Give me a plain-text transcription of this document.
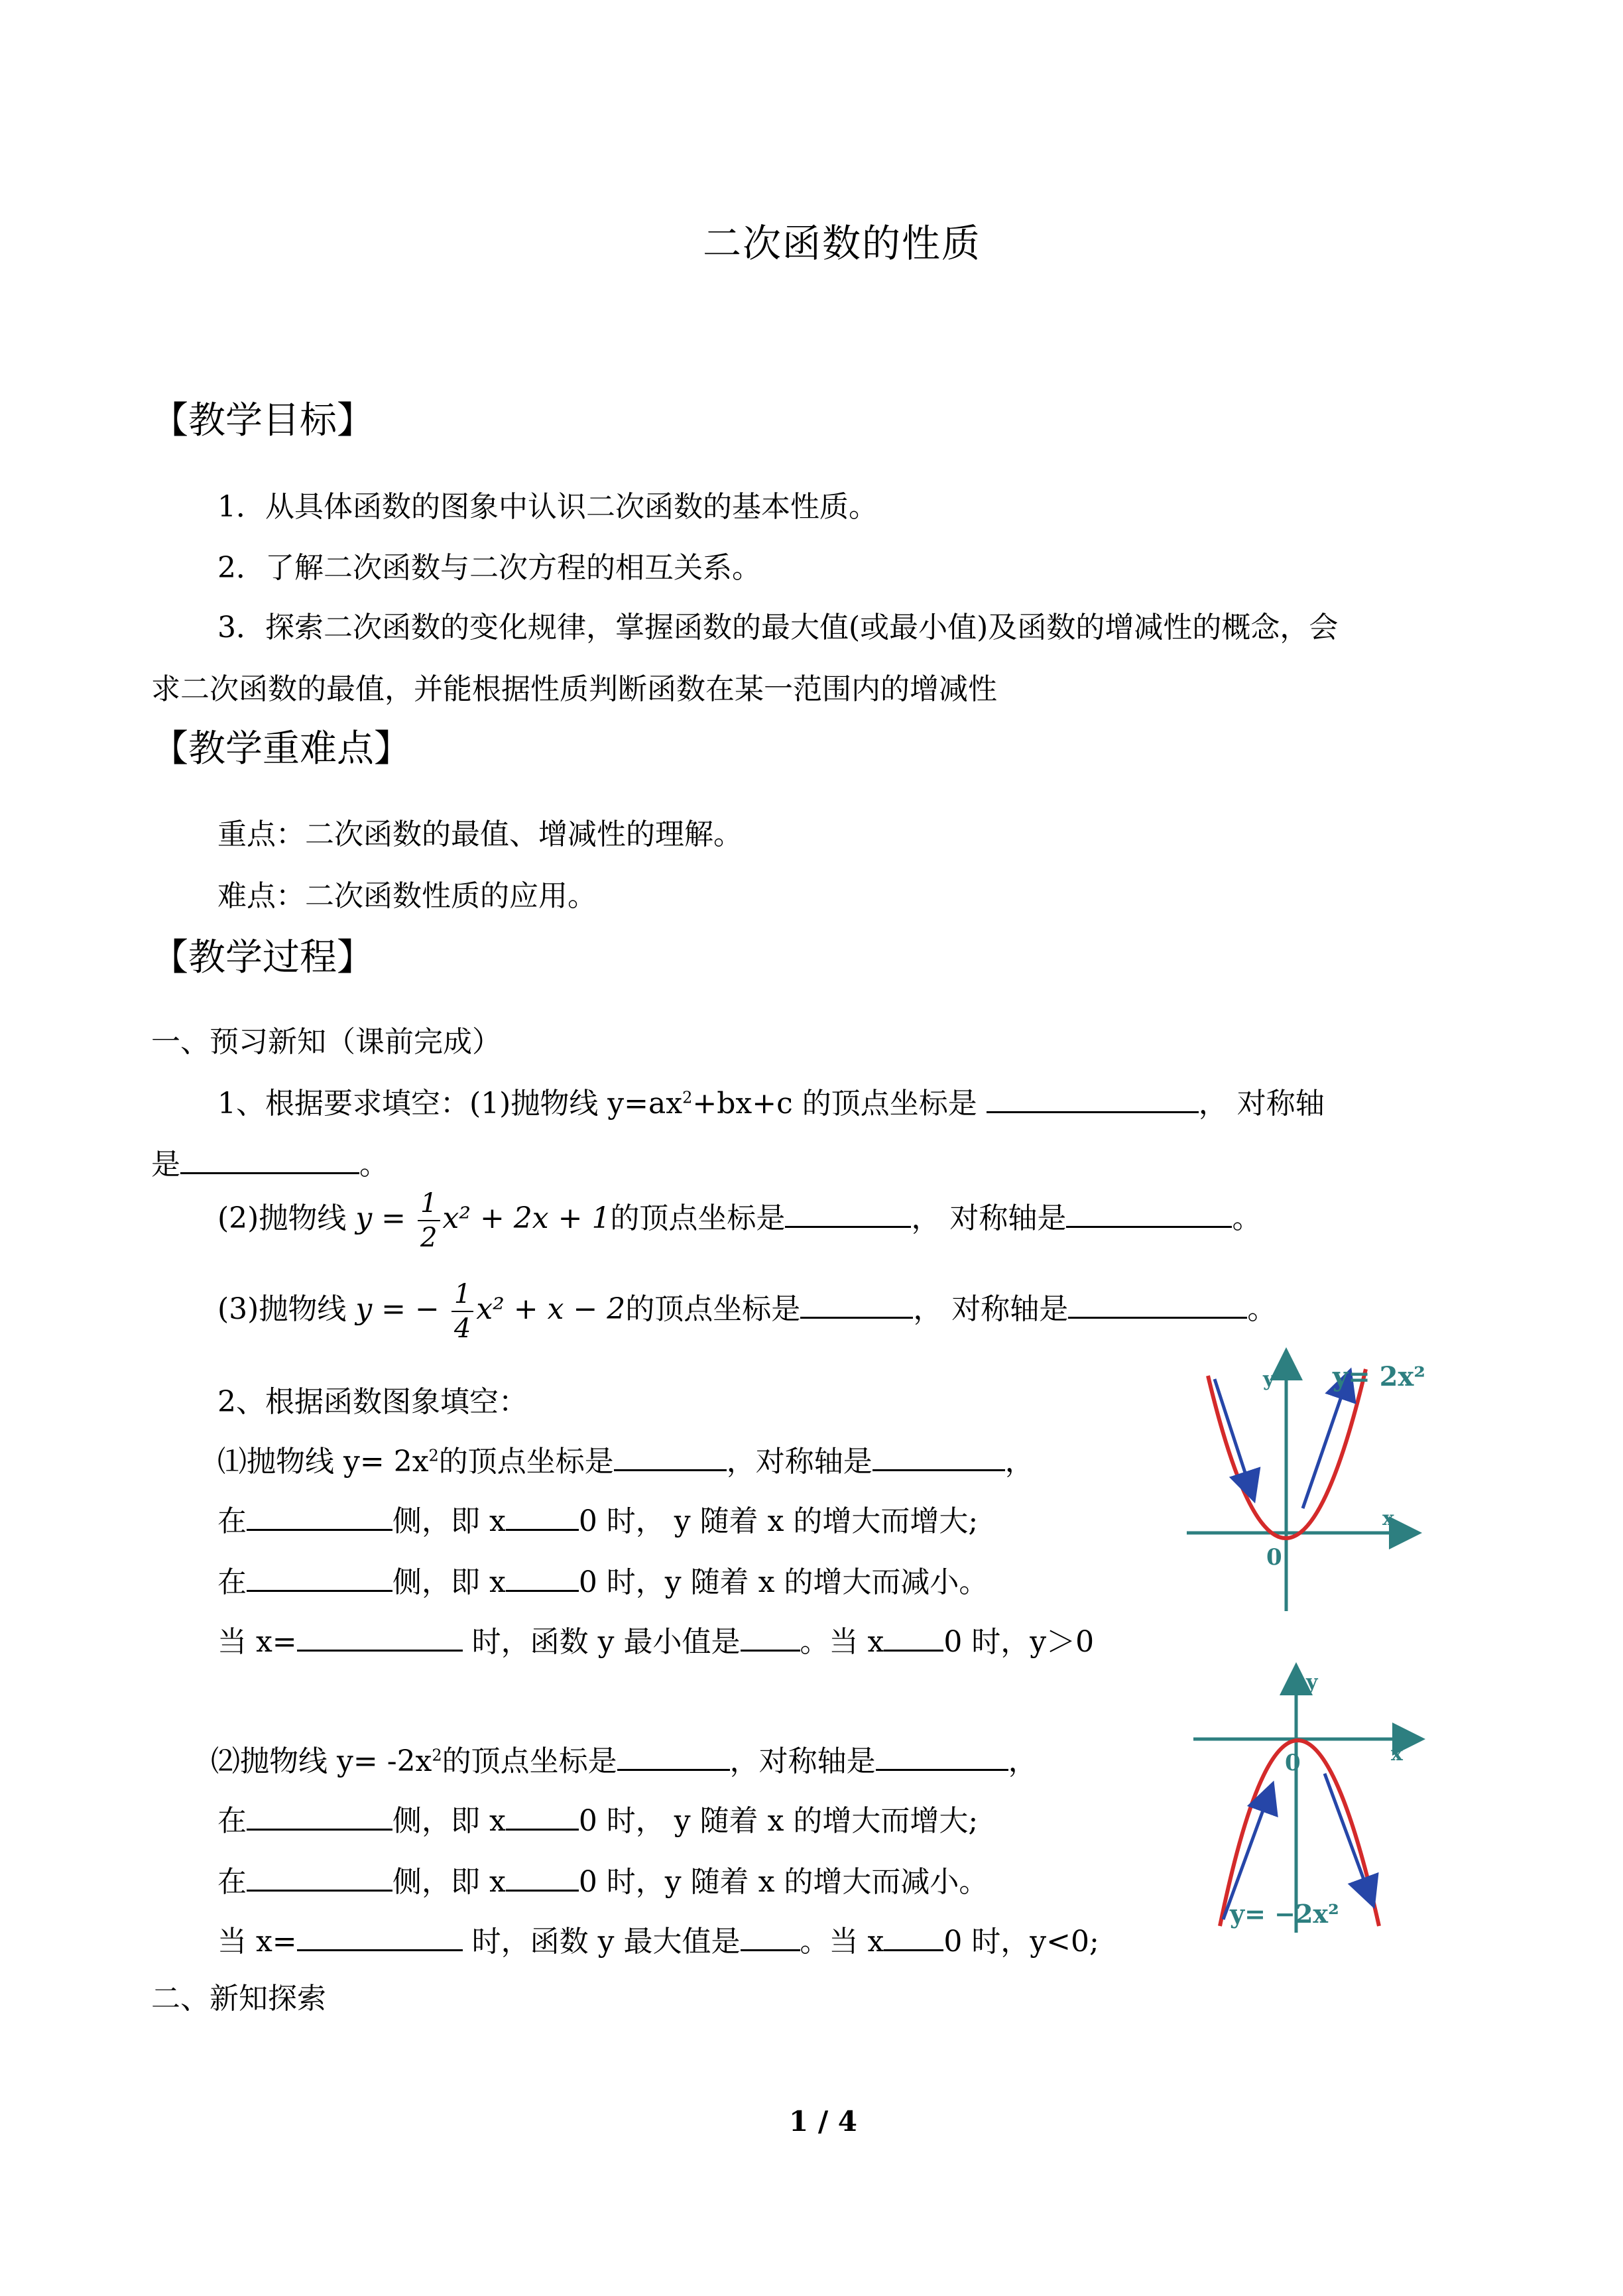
二次函数的性质
【教学目标】
1．从具体函数的图象中认识二次函数的基本性质。
2．了解二次函数与二次方程的相互关系。
3．探索二次函数的变化规律，掌握函数的最大值(或最小值)及函数的增减性的概念，会
求二次函数的最值，并能根据性质判断函数在某一范围内的增减性
【教学重难点】
重点：二次函数的最值、增减性的理解。
难点：二次函数性质的应用。
【教学过程】
一、预习新知（课前完成）
1、根据要求填空：(1)抛物线 $y=ax^2+bx+c$ 的顶点坐标是	， 对称轴
是	。
(2)抛物线 $y = \frac{1}{2} x^2 + 2x + 1$的顶点坐标是	， 对称轴是	。
(3)抛物线 y = − $\frac{1}{4} x^2 + x - 2$的顶点坐标是	， 对称轴是	。
2、根据函数图象填空：
⑴抛物线 $y= 2x^2$的顶点坐标是	，对称轴是	，
在	侧，即 x	0 时， y 随着 x 的增大而增大;
在	侧，即 x	0 时，y 随着 x 的增大而减小。
当 x=	时，函数 y 最小值是 。当 x 0 时，y＞0
⑵抛物线 $y= -2x^2$的顶点坐标是	，对称轴是	，
在	侧，即 x	0 时， y 随着 x 的增大而增大;
在	侧，即 x	0 时，y 随着 x 的增大而减小。
当 x=	时，函数 y 最大值是 。当 x 0 时，y<0;
二、新知探索
y
x
0
y= 2x²
y
x
0
y= −2x²
1 / 4
